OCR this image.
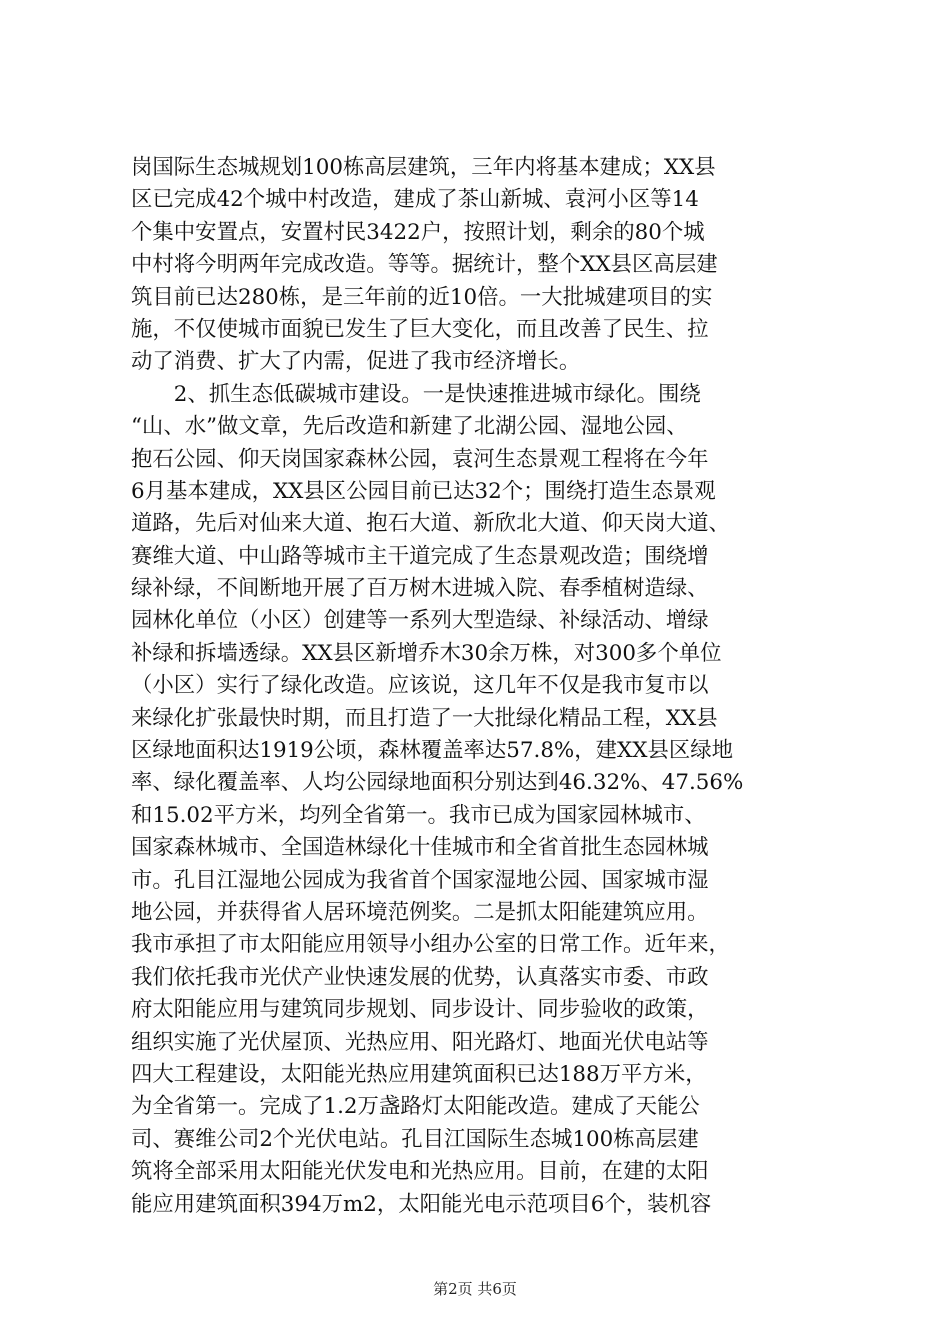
岗国际生态城规划100栋高层建筑，三年内将基本建成；XX县
区已完成42个城中村改造，建成了茶山新城、袁河小区等14
个集中安置点，安置村民3422户，按照计划，剩余的80个城
中村将今明两年完成改造。等等。据统计，整个XX县区高层建
筑目前已达280栋，是三年前的近10倍。一大批城建项目的实
施，不仅使城市面貌已发生了巨大变化，而且改善了民生、拉
动了消费、扩大了内需，促进了我市经济增长。
　　2、抓生态低碳城市建设。一是快速推进城市绿化。围绕
“山、水”做文章，先后改造和新建了北湖公园、湿地公园、
抱石公园、仰天岗国家森林公园，袁河生态景观工程将在今年
6月基本建成，XX县区公园目前已达32个；围绕打造生态景观
道路，先后对仙来大道、抱石大道、新欣北大道、仰天岗大道、
赛维大道、中山路等城市主干道完成了生态景观改造；围绕增
绿补绿，不间断地开展了百万树木进城入院、春季植树造绿、
园林化单位（小区）创建等一系列大型造绿、补绿活动、增绿
补绿和拆墙透绿。XX县区新增乔木30余万株，对300多个单位
（小区）实行了绿化改造。应该说，这几年不仅是我市复市以
来绿化扩张最快时期，而且打造了一大批绿化精品工程，XX县
区绿地面积达1919公顷，森林覆盖率达57.8%，建XX县区绿地
率、绿化覆盖率、人均公园绿地面积分别达到46.32%、47.56%
和15.02平方米，均列全省第一。我市已成为国家园林城市、
国家森林城市、全国造林绿化十佳城市和全省首批生态园林城
市。孔目江湿地公园成为我省首个国家湿地公园、国家城市湿
地公园，并获得省人居环境范例奖。二是抓太阳能建筑应用。
我市承担了市太阳能应用领导小组办公室的日常工作。近年来，
我们依托我市光伏产业快速发展的优势，认真落实市委、市政
府太阳能应用与建筑同步规划、同步设计、同步验收的政策，
组织实施了光伏屋顶、光热应用、阳光路灯、地面光伏电站等
四大工程建设，太阳能光热应用建筑面积已达188万平方米，
为全省第一。完成了1.2万盏路灯太阳能改造。建成了天能公
司、赛维公司2个光伏电站。孔目江国际生态城100栋高层建
筑将全部采用太阳能光伏发电和光热应用。目前，在建的太阳
能应用建筑面积394万m2，太阳能光电示范项目6个，装机容
第2页 共6页
